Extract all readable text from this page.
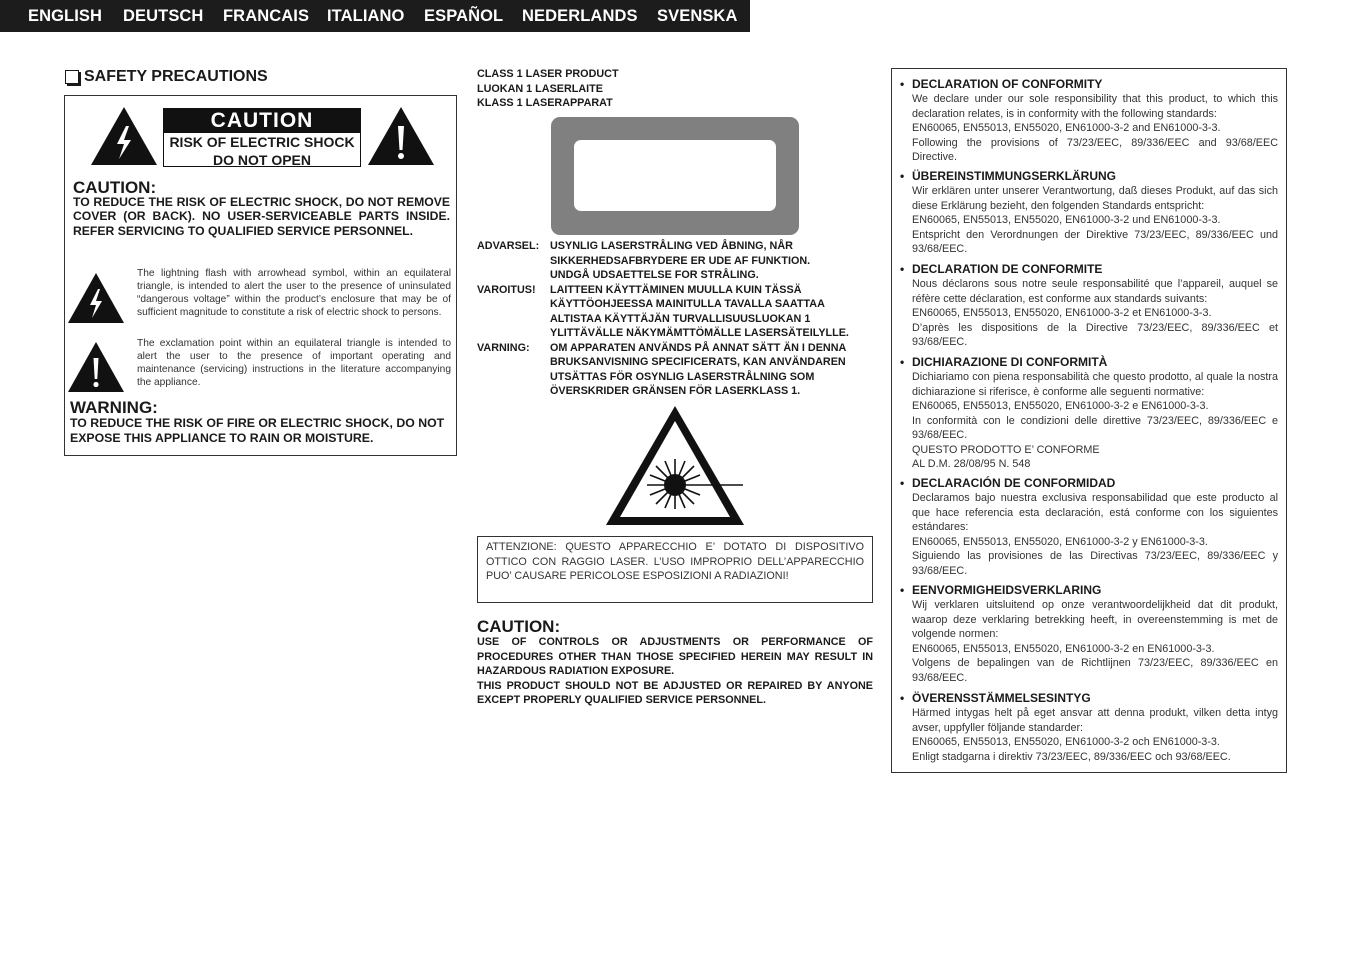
ENGLISH DEUTSCH FRANCAIS ITALIANO ESPAÑOL NEDERLANDS SVENSKA
SAFETY PRECAUTIONS
CAUTION
RISK OF ELECTRIC SHOCK
DO NOT OPEN
CAUTION:
TO REDUCE THE RISK OF ELECTRIC SHOCK, DO NOT REMOVE COVER (OR BACK). NO USER-SERVICEABLE PARTS INSIDE. REFER SERVICING TO QUALIFIED SERVICE PERSONNEL.
The lightning flash with arrowhead symbol, within an equilateral triangle, is intended to alert the user to the presence of uninsulated “dangerous voltage” within the product’s enclosure that may be of sufficient magnitude to constitute a risk of electric shock to persons.
The exclamation point within an equilateral triangle is intended to alert the user to the presence of important operating and maintenance (servicing) instructions in the literature accompanying the appliance.
WARNING:
TO REDUCE THE RISK OF FIRE OR ELECTRIC SHOCK, DO NOT EXPOSE THIS APPLIANCE TO RAIN OR MOISTURE.
CLASS 1 LASER PRODUCT
LUOKAN 1 LASERLAITE
KLASS 1 LASERAPPARAT
ADVARSEL:	USYNLIG LASERSTRÅLING VED ÅBNING, NÅR
SIKKERHEDSAFBRYDERE ER UDE AF FUNKTION.
UNDGÅ UDSAETTELSE FOR STRÅLING.
VAROITUS!	LAITTEEN KÄYTTÄMINEN MUULLA KUIN TÄSSÄ
KÄYTTÖOHJEESSA MAINITULLA TAVALLA SAATTAA
ALTISTAA KÄYTTÄJÄN TURVALLISUUSLUOKAN 1
YLITTÄVÄLLE NÄKYMÄMTTÖMÄLLE LASERSÄTEILYLLE.
VARNING:	OM APPARATEN ANVÄNDS PÅ ANNAT SÄTT ÄN I DENNA
BRUKSANVISNING SPECIFICERATS, KAN ANVÄNDAREN
UTSÄTTAS FÖR OSYNLIG LASERSTRÅLNING SOM
ÖVERSKRIDER GRÄNSEN FÖR LASERKLASS 1.
ATTENZIONE: QUESTO APPARECCHIO E’ DOTATO DI DISPOSITIVO OTTICO CON RAGGIO LASER. L’USO IMPROPRIO DELL’APPARECCHIO PUO’ CAUSARE PERICOLOSE ESPOSIZIONI A RADIAZIONI!
CAUTION:
USE OF CONTROLS OR ADJUSTMENTS OR PERFORMANCE OF PROCEDURES OTHER THAN THOSE SPECIFIED HEREIN MAY RESULT IN HAZARDOUS RADIATION EXPOSURE.
THIS PRODUCT SHOULD NOT BE ADJUSTED OR REPAIRED BY ANYONE EXCEPT PROPERLY QUALIFIED SERVICE PERSONNEL.
• DECLARATION OF CONFORMITY
We declare under our sole responsibility that this product, to which this declaration relates, is in conformity with the following standards:
EN60065, EN55013, EN55020, EN61000-3-2 and EN61000-3-3.
Following the provisions of 73/23/EEC, 89/336/EEC and 93/68/EEC Directive.
• ÜBEREINSTIMMUNGSERKLÄRUNG
Wir erklären unter unserer Verantwortung, daß dieses Produkt, auf das sich diese Erklärung bezieht, den folgenden Standards entspricht:
EN60065, EN55013, EN55020, EN61000-3-2 und EN61000-3-3.
Entspricht den Verordnungen der Direktive 73/23/EEC, 89/336/EEC und 93/68/EEC.
• DECLARATION DE CONFORMITE
Nous déclarons sous notre seule responsabilité que l’appareil, auquel se réfère cette déclaration, est conforme aux standards suivants:
EN60065, EN55013, EN55020, EN61000-3-2 et EN61000-3-3.
D’après les dispositions de la Directive 73/23/EEC, 89/336/EEC et 93/68/EEC.
• DICHIARAZIONE DI CONFORMITÀ
Dichiariamo con piena responsabilità che questo prodotto, al quale la nostra dichiarazione si riferisce, è conforme alle seguenti normative:
EN60065, EN55013, EN55020, EN61000-3-2 e EN61000-3-3.
In conformità con le condizioni delle direttive 73/23/EEC, 89/336/EEC e 93/68/EEC.
QUESTO PRODOTTO E’ CONFORME
AL D.M. 28/08/95 N. 548
• DECLARACIÓN DE CONFORMIDAD
Declaramos bajo nuestra exclusiva responsabilidad que este producto al que hace referencia esta declaración, está conforme con los siguientes estándares:
EN60065, EN55013, EN55020, EN61000-3-2 y EN61000-3-3.
Siguiendo las provisiones de las Directivas 73/23/EEC, 89/336/EEC y 93/68/EEC.
• EENVORMIGHEIDSVERKLARING
Wij verklaren uitsluitend op onze verantwoordelijkheid dat dit produkt, waarop deze verklaring betrekking heeft, in overeenstemming is met de volgende normen:
EN60065, EN55013, EN55020, EN61000-3-2 en EN61000-3-3.
Volgens de bepalingen van de Richtlijnen 73/23/EEC, 89/336/EEC en 93/68/EEC.
• ÖVERENSSTÄMMELSESINTYG
Härmed intygas helt på eget ansvar att denna produkt, vilken detta intyg avser, uppfyller följande standarder:
EN60065, EN55013, EN55020, EN61000-3-2 och EN61000-3-3.
Enligt stadgarna i direktiv 73/23/EEC, 89/336/EEC och 93/68/EEC.
